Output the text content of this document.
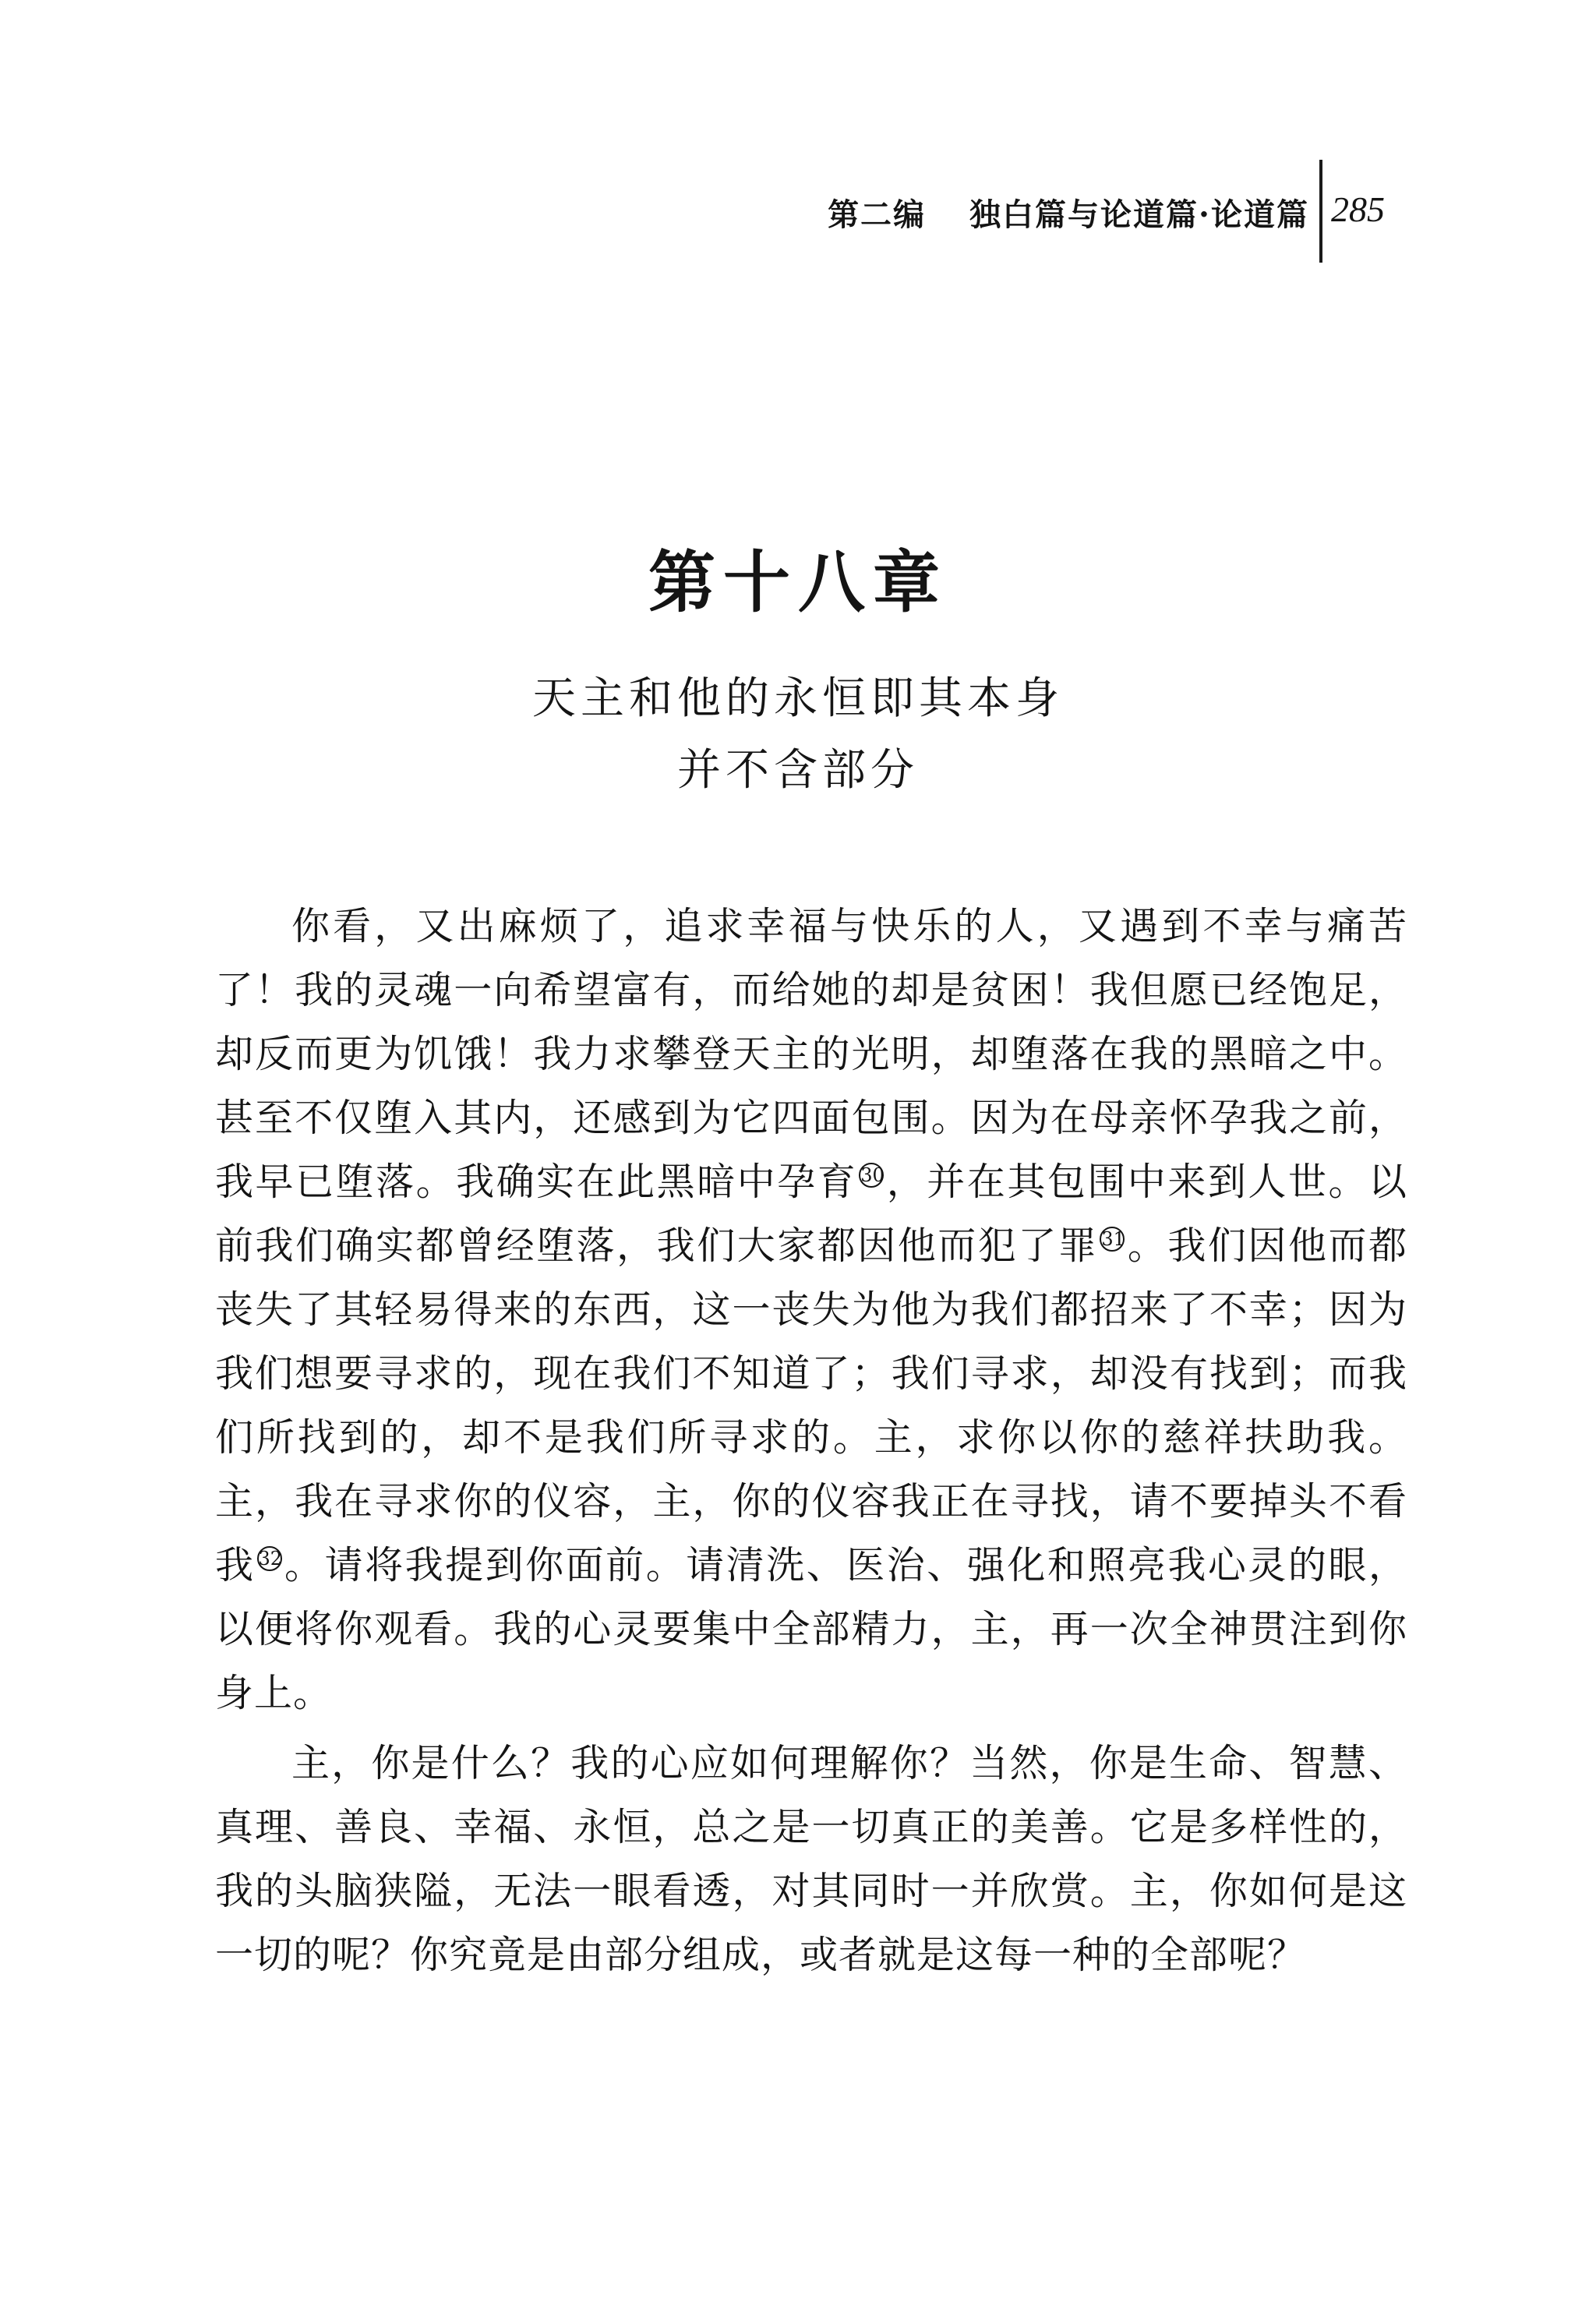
第二编 独白篇与论道篇·论道篇 285
第十八章
天主和他的永恒即其本身
并不含部分

你看，又出麻烦了，追求幸福与快乐的人，又遇到不幸与痛苦了！我的灵魂一向希望富有，而给她的却是贫困！我但愿已经饱足，却反而更为饥饿！我力求攀登天主的光明，却堕落在我的黑暗之中。甚至不仅堕入其内，还感到为它四面包围。因为在母亲怀孕我之前，我早已堕落。我确实在此黑暗中孕育 30，并在其包围中来到人世。以前我们确实都曾经堕落，我们大家都因他而犯了罪 31。我们因他而都丧失了其轻易得来的东西，这一丧失为他为我们都招来了不幸；因为我们想要寻求的，现在我们不知道了；我们寻求，却没有找到；而我们所找到的，却不是我们所寻求的。主，求你以你的慈祥扶助我。主，我在寻求你的仪容，主，你的仪容我正在寻找，请不要掉头不看我 32。请将我提到你面前。请清洗、医治、强化和照亮我心灵的眼，以便将你观看。我的心灵要集中全部精力，主，再一次全神贯注到你身上。

主，你是什么？我的心应如何理解你？当然，你是生命、智慧、真理、善良、幸福、永恒，总之是一切真正的美善。它是多样性的，我的头脑狭隘，无法一眼看透，对其同时一并欣赏。主，你如何是这一切的呢？你究竟是由部分组成，或者就是这每一种的全部呢？
